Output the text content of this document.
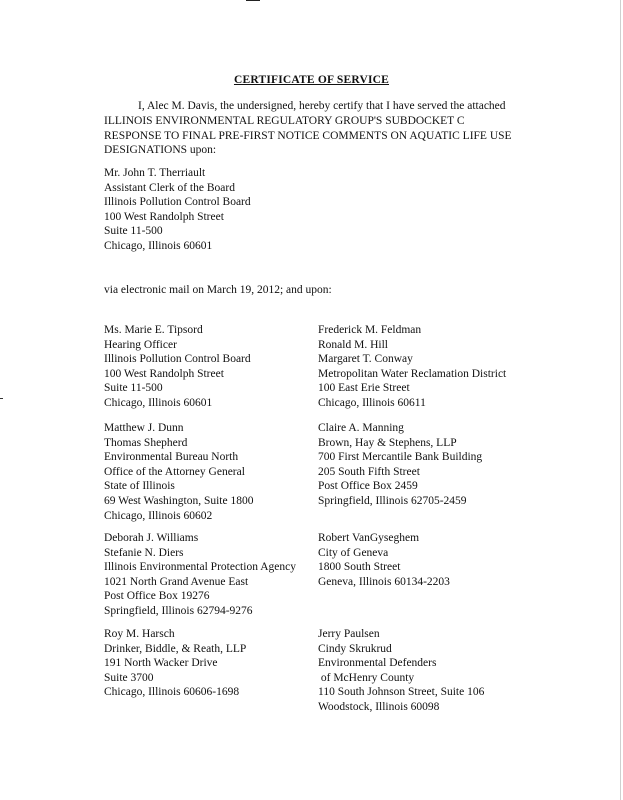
CERTIFICATE OF SERVICE
I, Alec M. Davis, the undersigned, hereby certify that I have served the attached
ILLINOIS ENVIRONMENTAL REGULATORY GROUP'S SUBDOCKET C
RESPONSE TO FINAL PRE-FIRST NOTICE COMMENTS ON AQUATIC LIFE USE
DESIGNATIONS upon:
Mr. John T. Therriault
Assistant Clerk of the Board
Illinois Pollution Control Board
100 West Randolph Street
Suite 11-500
Chicago, Illinois 60601
via electronic mail on March 19, 2012; and upon:
Ms. Marie E. Tipsord
Hearing Officer
Illinois Pollution Control Board
100 West Randolph Street
Suite 11-500
Chicago, Illinois 60601
Matthew J. Dunn
Thomas Shepherd
Environmental Bureau North
Office of the Attorney General
State of Illinois
69 West Washington, Suite 1800
Chicago, Illinois 60602
Deborah J. Williams
Stefanie N. Diers
Illinois Environmental Protection Agency
1021 North Grand Avenue East
Post Office Box 19276
Springfield, Illinois 62794-9276
Roy M. Harsch
Drinker, Biddle, & Reath, LLP
191 North Wacker Drive
Suite 3700
Chicago, Illinois 60606-1698
Frederick M. Feldman
Ronald M. Hill
Margaret T. Conway
Metropolitan Water Reclamation District
100 East Erie Street
Chicago, Illinois 60611
Claire A. Manning
Brown, Hay & Stephens, LLP
700 First Mercantile Bank Building
205 South Fifth Street
Post Office Box 2459
Springfield, Illinois 62705-2459
Robert VanGyseghem
City of Geneva
1800 South Street
Geneva, Illinois 60134-2203
Jerry Paulsen
Cindy Skrukrud
Environmental Defenders
of McHenry County
110 South Johnson Street, Suite 106
Woodstock, Illinois 60098
